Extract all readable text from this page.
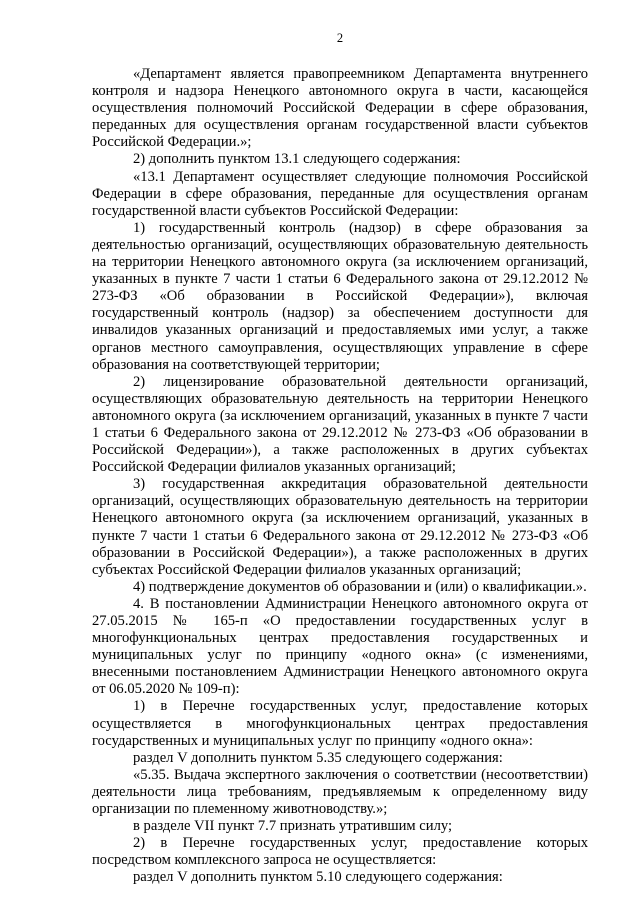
2

«Департамент является правопреемником Департамента внутреннего контроля и надзора Ненецкого автономного округа в части, касающейся осуществления полномочий Российской Федерации в сфере образования, переданных для осуществления органам государственной власти субъектов Российской Федерации.»;

2) дополнить пунктом 13.1 следующего содержания:

«13.1 Департамент осуществляет следующие полномочия Российской Федерации в сфере образования, переданные для осуществления органам государственной власти субъектов Российской Федерации:

1) государственный контроль (надзор) в сфере образования за деятельностью организаций, осуществляющих образовательную деятельность на территории Ненецкого автономного округа (за исключением организаций, указанных в пункте 7 части 1 статьи 6 Федерального закона от 29.12.2012 № 273-ФЗ «Об образовании в Российской Федерации»), включая государственный контроль (надзор) за обеспечением доступности для инвалидов указанных организаций и предоставляемых ими услуг, а также органов местного самоуправления, осуществляющих управление в сфере образования на соответствующей территории;

2) лицензирование образовательной деятельности организаций, осуществляющих образовательную деятельность на территории Ненецкого автономного округа (за исключением организаций, указанных в пункте 7 части 1 статьи 6 Федерального закона от 29.12.2012 № 273-ФЗ «Об образовании в Российской Федерации»), а также расположенных в других субъектах Российской Федерации филиалов указанных организаций;

3) государственная аккредитация образовательной деятельности организаций, осуществляющих образовательную деятельность на территории Ненецкого автономного округа (за исключением организаций, указанных в пункте 7 части 1 статьи 6 Федерального закона от 29.12.2012 № 273-ФЗ «Об образовании в Российской Федерации»), а также расположенных в других субъектах Российской Федерации филиалов указанных организаций;

4) подтверждение документов об образовании и (или) о квалификации.».

4. В постановлении Администрации Ненецкого автономного округа от 27.05.2015 № 165-п «О предоставлении государственных услуг в многофункциональных центрах предоставления государственных и муниципальных услуг по принципу «одного окна» (с изменениями, внесенными постановлением Администрации Ненецкого автономного округа от 06.05.2020 № 109-п):

1) в Перечне государственных услуг, предоставление которых осуществляется в многофункциональных центрах предоставления государственных и муниципальных услуг по принципу «одного окна»:

раздел V дополнить пунктом 5.35 следующего содержания:

«5.35. Выдача экспертного заключения о соответствии (несоответствии) деятельности лица требованиям, предъявляемым к определенному виду организации по племенному животноводству.»;

в разделе VII пункт 7.7 признать утратившим силу;

2) в Перечне государственных услуг, предоставление которых посредством комплексного запроса не осуществляется:

раздел V дополнить пунктом 5.10 следующего содержания:
